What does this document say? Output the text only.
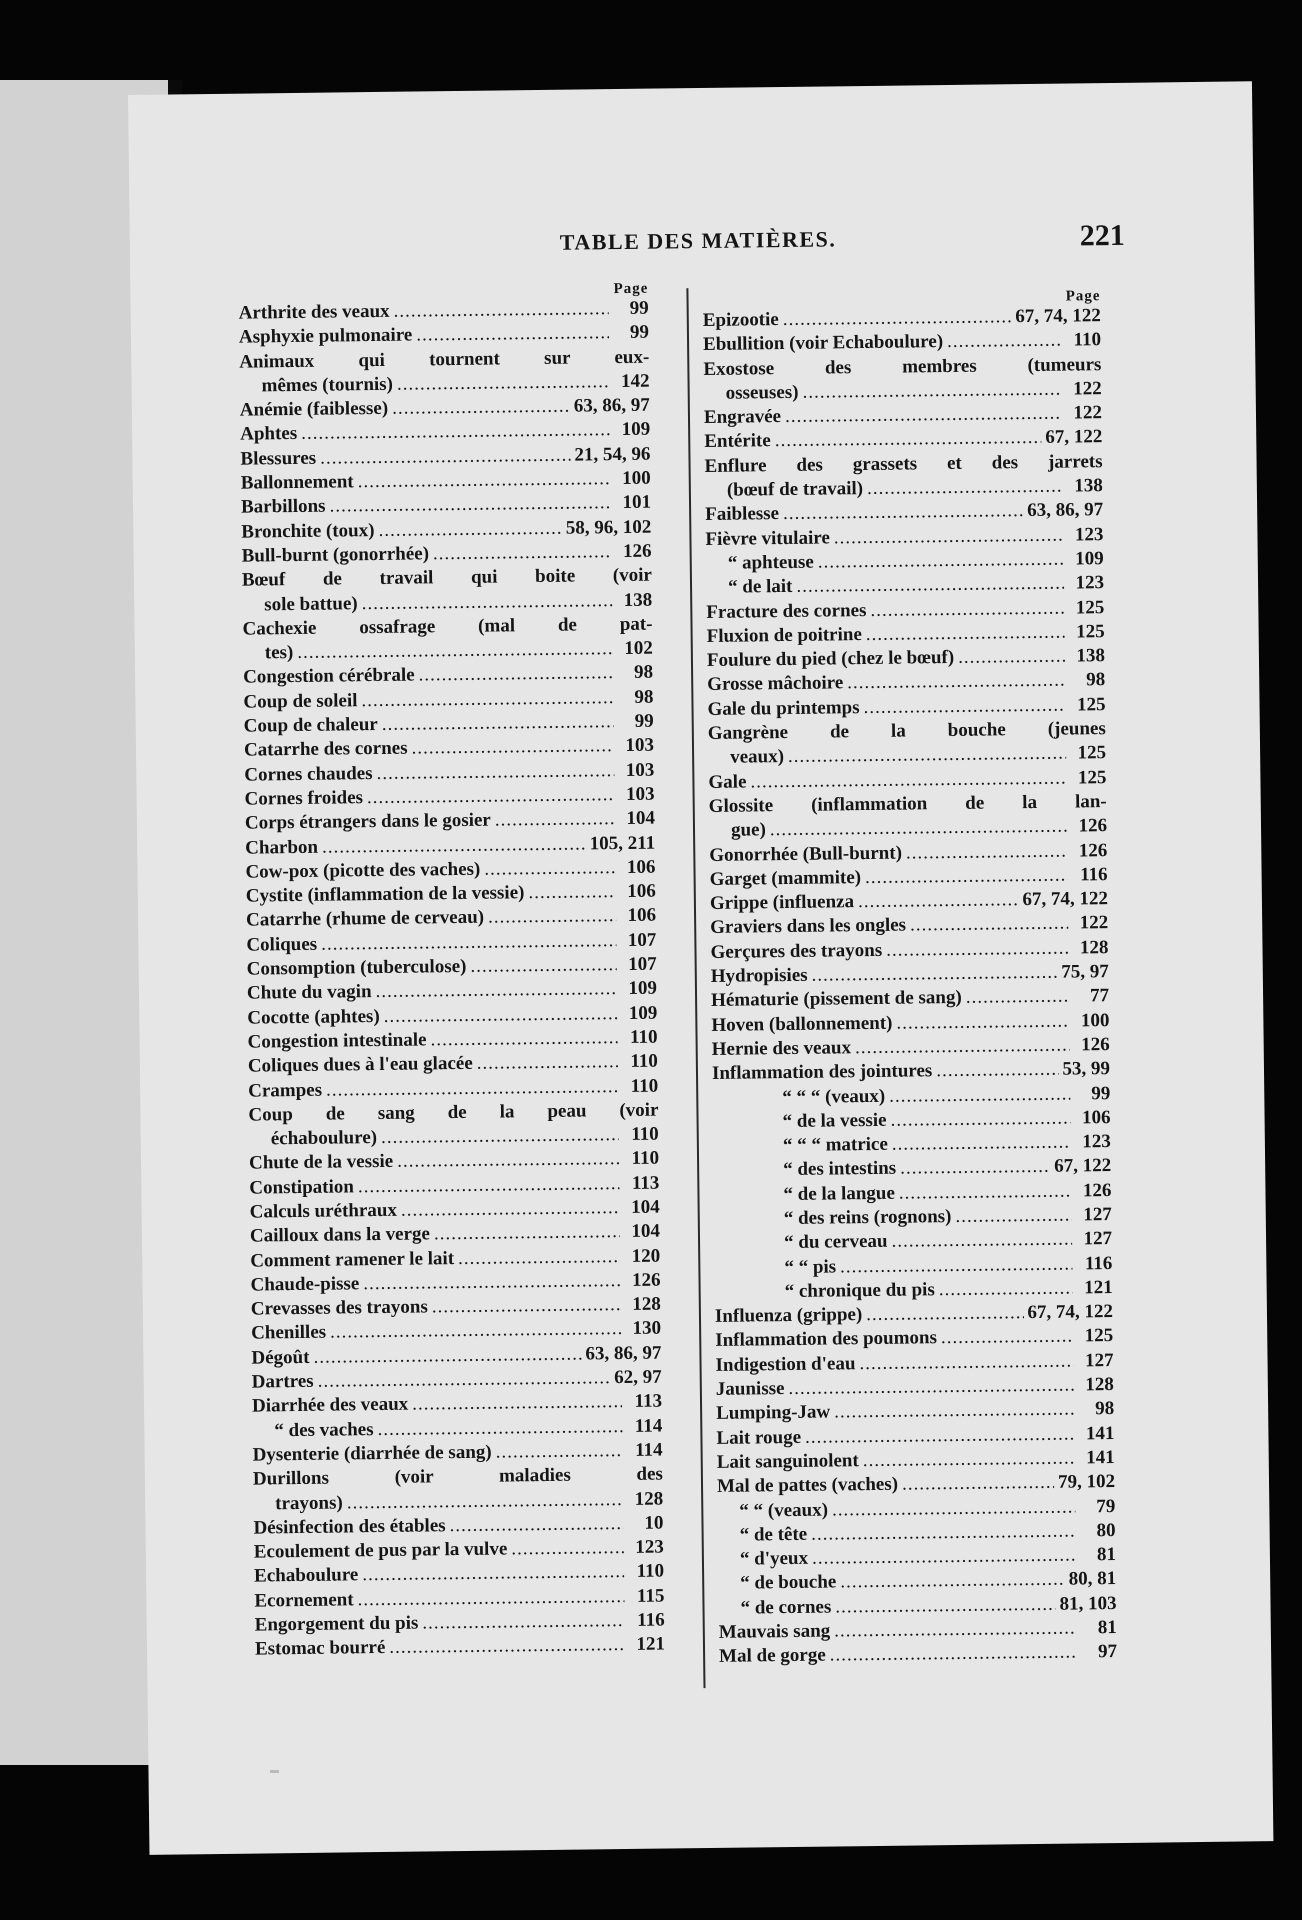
TABLE DES MATIÈRES.	221
Page
Arthrite des veaux .....	99
Asphyxie pulmonaire .....	99
Animaux qui tournent sur eux-
mêmes (tournis) .....	142
Anémie (faiblesse) .....	63, 86, 97
Aphtes .....	109
Blessures .....	21, 54, 96
Ballonnement .....	100
Barbillons .....	101
Bronchite (toux) .....	58, 96, 102
Bull-burnt (gonorrhée) .....	126
Bœuf de travail qui boite (voir
sole battue) .....	138
Cachexie ossafrage (mal de pat-
tes) .....	102
Congestion cérébrale .....	98
Coup de soleil .....	98
Coup de chaleur .....	99
Catarrhe des cornes .....	103
Cornes chaudes .....	103
Cornes froides .....	103
Corps étrangers dans le gosier .....	104
Charbon .....	105, 211
Cow-pox (picotte des vaches) .....	106
Cystite (inflammation de la vessie) .....	106
Catarrhe (rhume de cerveau) .....	106
Coliques .....	107
Consomption (tuberculose) .....	107
Chute du vagin .....	109
Cocotte (aphtes) .....	109
Congestion intestinale .....	110
Coliques dues à l'eau glacée .....	110
Crampes .....	110
Coup de sang de la peau (voir
échaboulure) .....	110
Chute de la vessie .....	110
Constipation .....	113
Calculs uréthraux .....	104
Cailloux dans la verge .....	104
Comment ramener le lait .....	120
Chaude-pisse .....	126
Crevasses des trayons .....	128
Chenilles .....	130
Dégoût .....	63, 86, 97
Dartres .....	62, 97
Diarrhée des veaux .....	113
“ des vaches .....	114
Dysenterie (diarrhée de sang) .....	114
Durillons (voir maladies des
trayons) .....	128
Désinfection des étables .....	10
Ecoulement de pus par la vulve .....	123
Echaboulure .....	110
Ecornement .....	115
Engorgement du pis .....	116
Estomac bourré .....	121
Page
Epizootie .....	67, 74, 122
Ebullition (voir Echaboulure) .....	110
Exostose des membres (tumeurs
osseuses) .....	122
Engravée .....	122
Entérite .....	67, 122
Enflure des grassets et des jarrets
(bœuf de travail) .....	138
Faiblesse .....	63, 86, 97
Fièvre vitulaire .....	123
“ aphteuse .....	109
“ de lait .....	123
Fracture des cornes .....	125
Fluxion de poitrine .....	125
Foulure du pied (chez le bœuf) .....	138
Grosse mâchoire .....	98
Gale du printemps .....	125
Gangrène de la bouche (jeunes
veaux) .....	125
Gale .....	125
Glossite (inflammation de la lan-
gue) .....	126
Gonorrhée (Bull-burnt) .....	126
Garget (mammite) .....	116
Grippe (influenza .....	67, 74, 122
Graviers dans les ongles .....	122
Gerçures des trayons .....	128
Hydropisies .....	75, 97
Hématurie (pissement de sang) .....	77
Hoven (ballonnement) .....	100
Hernie des veaux .....	126
Inflammation des jointures .....	53, 99
“ “ “ (veaux) .....	99
“ de la vessie .....	106
“ “ “ matrice .....	123
“ des intestins .....	67, 122
“ de la langue .....	126
“ des reins (rognons) .....	127
“ du cerveau .....	127
“ “ pis .....	116
“ chronique du pis .....	121
Influenza (grippe) .....	67, 74, 122
Inflammation des poumons .....	125
Indigestion d'eau .....	127
Jaunisse .....	128
Lumping-Jaw .....	98
Lait rouge .....	141
Lait sanguinolent .....	141
Mal de pattes (vaches) .....	79, 102
“ “ (veaux) .....	79
“ de tête .....	80
“ d'yeux .....	81
“ de bouche .....	80, 81
“ de cornes .....	81, 103
Mauvais sang .....	81
Mal de gorge .....	97
